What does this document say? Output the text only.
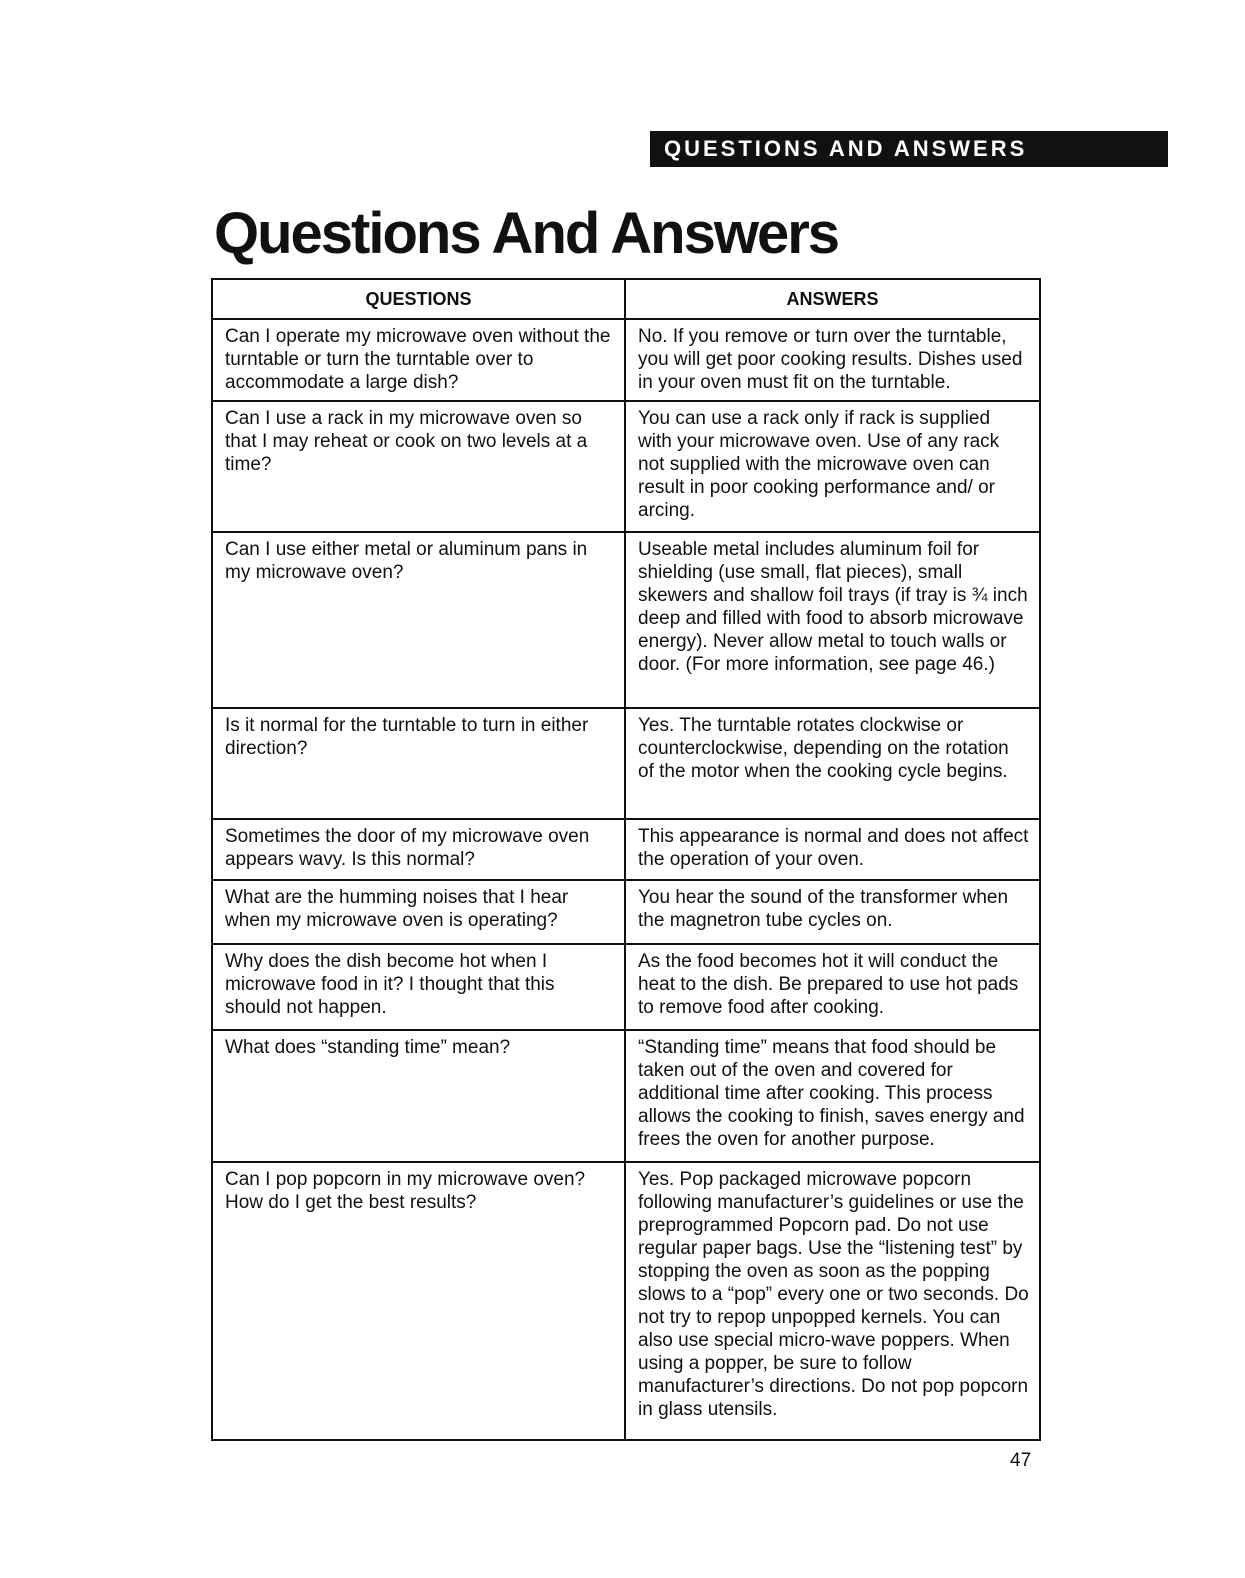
QUESTIONS AND ANSWERS
Questions And Answers
QUESTIONS	ANSWERS
Can I operate my microwave oven without the turntable or turn the turntable over to accommodate a large dish?	No. If you remove or turn over the turntable, you will get poor cooking results. Dishes used in your oven must fit on the turntable.
Can I use a rack in my microwave oven so that I may reheat or cook on two levels at a time?	You can use a rack only if rack is supplied with your microwave oven. Use of any rack not supplied with the microwave oven can result in poor cooking performance and/ or arcing.
Can I use either metal or aluminum pans in my microwave oven?	Useable metal includes aluminum foil for shielding (use small, flat pieces), small skewers and shallow foil trays (if tray is ¾ inch deep and filled with food to absorb microwave energy). Never allow metal to touch walls or door. (For more information, see page 46.)
Is it normal for the turntable to turn in either direction?	Yes. The turntable rotates clockwise or counterclockwise, depending on the rotation of the motor when the cooking cycle begins.
Sometimes the door of my microwave oven appears wavy. Is this normal?	This appearance is normal and does not affect the operation of your oven.
What are the humming noises that I hear when my microwave oven is operating?	You hear the sound of the transformer when the magnetron tube cycles on.
Why does the dish become hot when I microwave food in it? I thought that this should not happen.	As the food becomes hot it will conduct the heat to the dish. Be prepared to use hot pads to remove food after cooking.
What does “standing time” mean?	“Standing time” means that food should be taken out of the oven and covered for additional time after cooking. This process allows the cooking to finish, saves energy and frees the oven for another purpose.
Can I pop popcorn in my microwave oven? How do I get the best results?	Yes. Pop packaged microwave popcorn following manufacturer’s guidelines or use the preprogrammed Popcorn pad. Do not use regular paper bags. Use the “listening test” by stopping the oven as soon as the popping slows to a “pop” every one or two seconds. Do not try to repop unpopped kernels. You can also use special micro-wave poppers. When using a popper, be sure to follow manufacturer’s directions. Do not pop popcorn in glass utensils.
47
